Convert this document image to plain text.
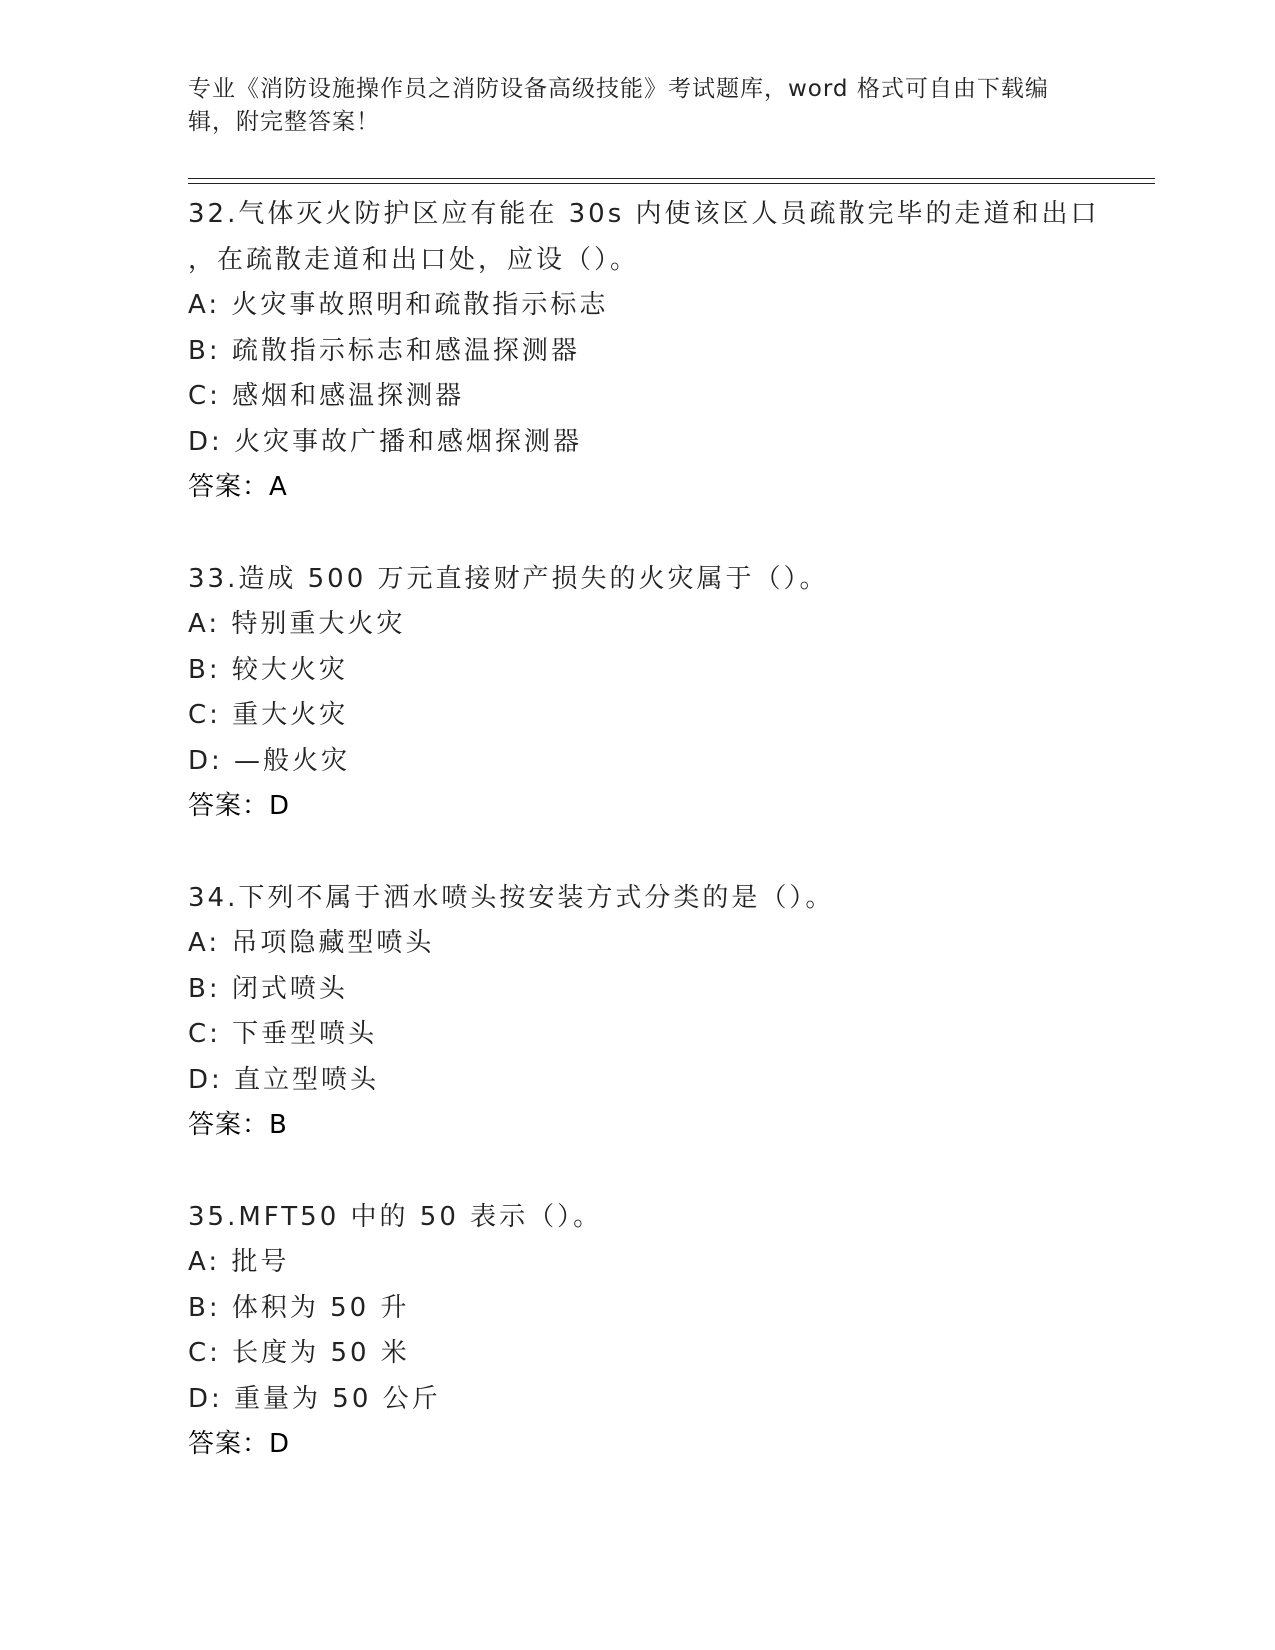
专业《消防设施操作员之消防设备高级技能》考试题库，word 格式可自由下载编
辑，附完整答案！
32.气体灭火防护区应有能在 30s 内使该区人员疏散完毕的走道和出口
，在疏散走道和出口处，应设（）。
A: 火灾事故照明和疏散指示标志
B: 疏散指示标志和感温探测器
C: 感烟和感温探测器
D: 火灾事故广播和感烟探测器
答案：A
33.造成 500 万元直接财产损失的火灾属于（）。
A: 特别重大火灾
B: 较大火灾
C: 重大火灾
D: —般火灾
答案：D
34.下列不属于洒水喷头按安装方式分类的是（）。
A: 吊项隐藏型喷头
B: 闭式喷头
C: 下垂型喷头
D: 直立型喷头
答案：B
35.MFT50 中的 50 表示（）。
A: 批号
B: 体积为 50 升
C: 长度为 50 米
D: 重量为 50 公斤
答案：D
